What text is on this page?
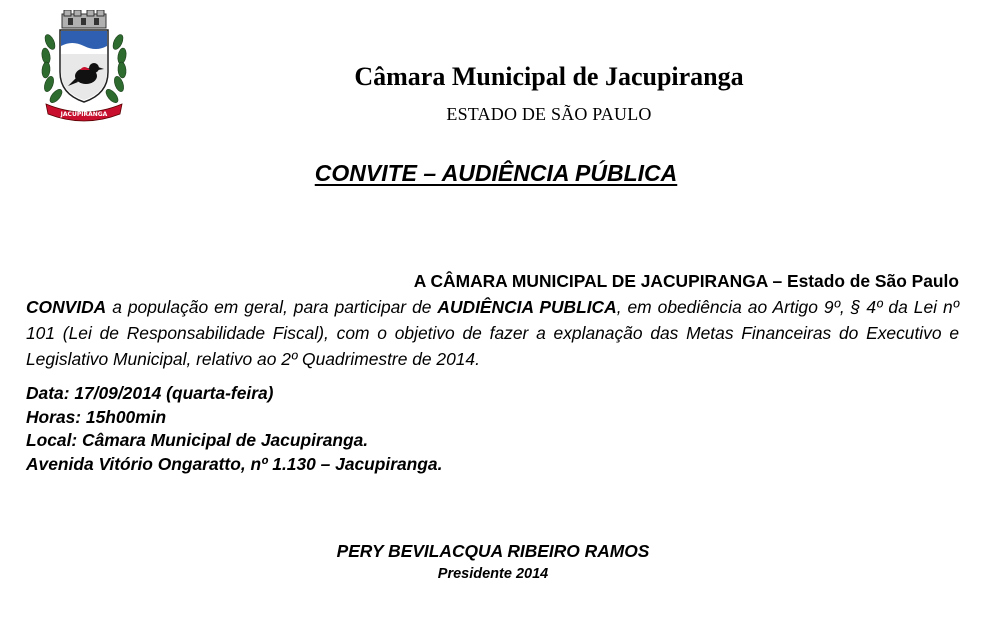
JACUPIRANGA
Câmara Municipal de Jacupiranga
ESTADO DE SÃO PAULO
CONVITE – AUDIÊNCIA PÚBLICA
A CÂMARA MUNICIPAL DE JACUPIRANGA – Estado de São Paulo
CONVIDA a população em geral, para participar de AUDIÊNCIA PUBLICA, em obediência ao Artigo 9º, § 4º da Lei nº 101 (Lei de Responsabilidade Fiscal), com o objetivo de fazer a explanação das Metas Financeiras do Executivo e Legislativo Municipal, relativo ao 2º Quadrimestre de 2014.
Data: 17/09/2014 (quarta-feira)
Horas: 15h00min
Local: Câmara Municipal de Jacupiranga.
Avenida Vitório Ongaratto, nº 1.130 – Jacupiranga.
PERY BEVILACQUA RIBEIRO RAMOS
Presidente 2014
